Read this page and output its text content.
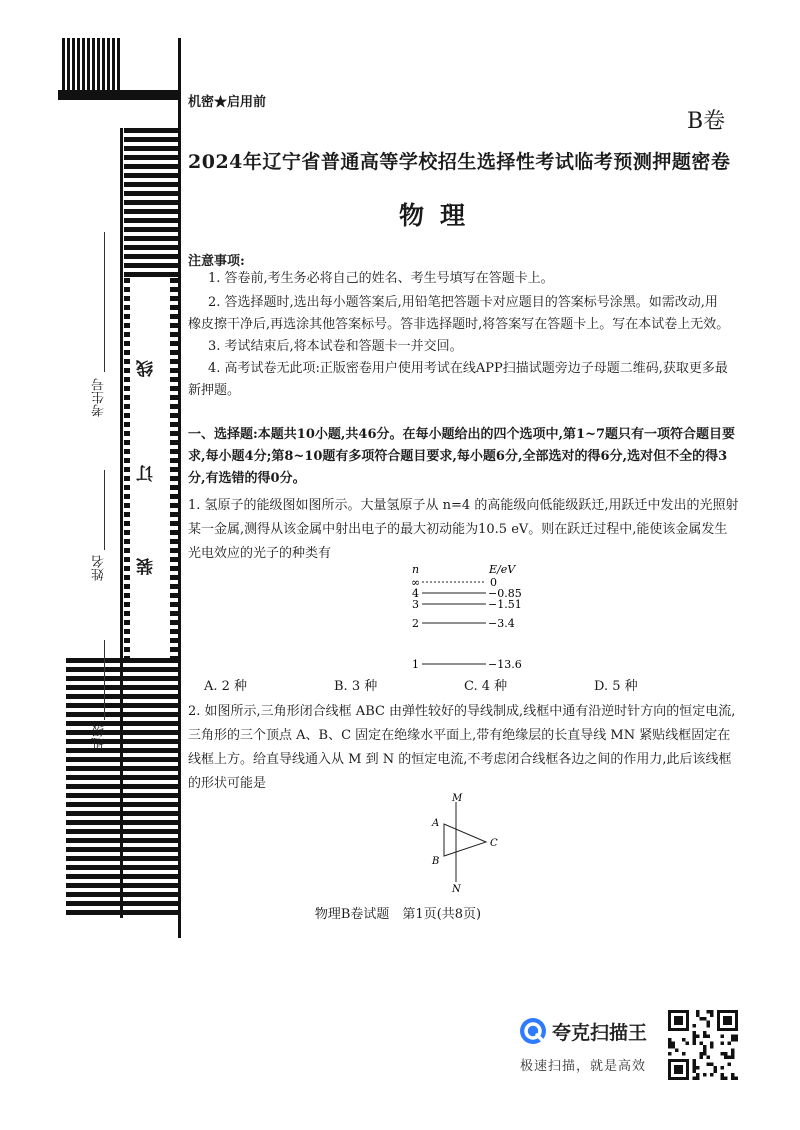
考生号
姓名
班级
线
订
装
机密★启用前
B卷
2024年辽宁省普通高等学校招生选择性考试临考预测押题密卷
物理
注意事项:
1. 答卷前,考生务必将自己的姓名、考生号填写在答题卡上。
2. 答选择题时,选出每小题答案后,用铅笔把答题卡对应题目的答案标号涂黑。如需改动,用橡皮擦干净后,再选涂其他答案标号。答非选择题时,将答案写在答题卡上。写在本试卷上无效。
3. 考试结束后,将本试卷和答题卡一并交回。
4. 高考试卷无此项:正版密卷用户使用考试在线APP扫描试题旁边子母题二维码,获取更多最新押题。
一、选择题:本题共10小题,共46分。在每小题给出的四个选项中,第1~7题只有一项符合题目要求,每小题4分;第8~10题有多项符合题目要求,每小题6分,全部选对的得6分,选对但不全的得3分,有选错的得0分。
1. 氢原子的能级图如图所示。大量氢原子从 n=4 的高能级向低能级跃迁,用跃迁中发出的光照射某一金属,测得从该金属中射出电子的最大初动能为10.5 eV。则在跃迁过程中,能使该金属发生光电效应的光子的种类有
n	E/eV
∞	0
4	−0.85
3	−1.51
2	−3.4
1	−13.6
A. 2 种	B. 3 种	C. 4 种	D. 5 种
2. 如图所示,三角形闭合线框 ABC 由弹性较好的导线制成,线框中通有沿逆时针方向的恒定电流,三角形的三个顶点 A、B、C 固定在绝缘水平面上,带有绝缘层的长直导线 MN 紧贴线框固定在线框上方。给直导线通入从 M 到 N 的恒定电流,不考虑闭合线框各边之间的作用力,此后该线框的形状可能是
M
N
A
B
C
物理B卷试题　第1页(共8页)
夸克扫描王
极速扫描，就是高效
